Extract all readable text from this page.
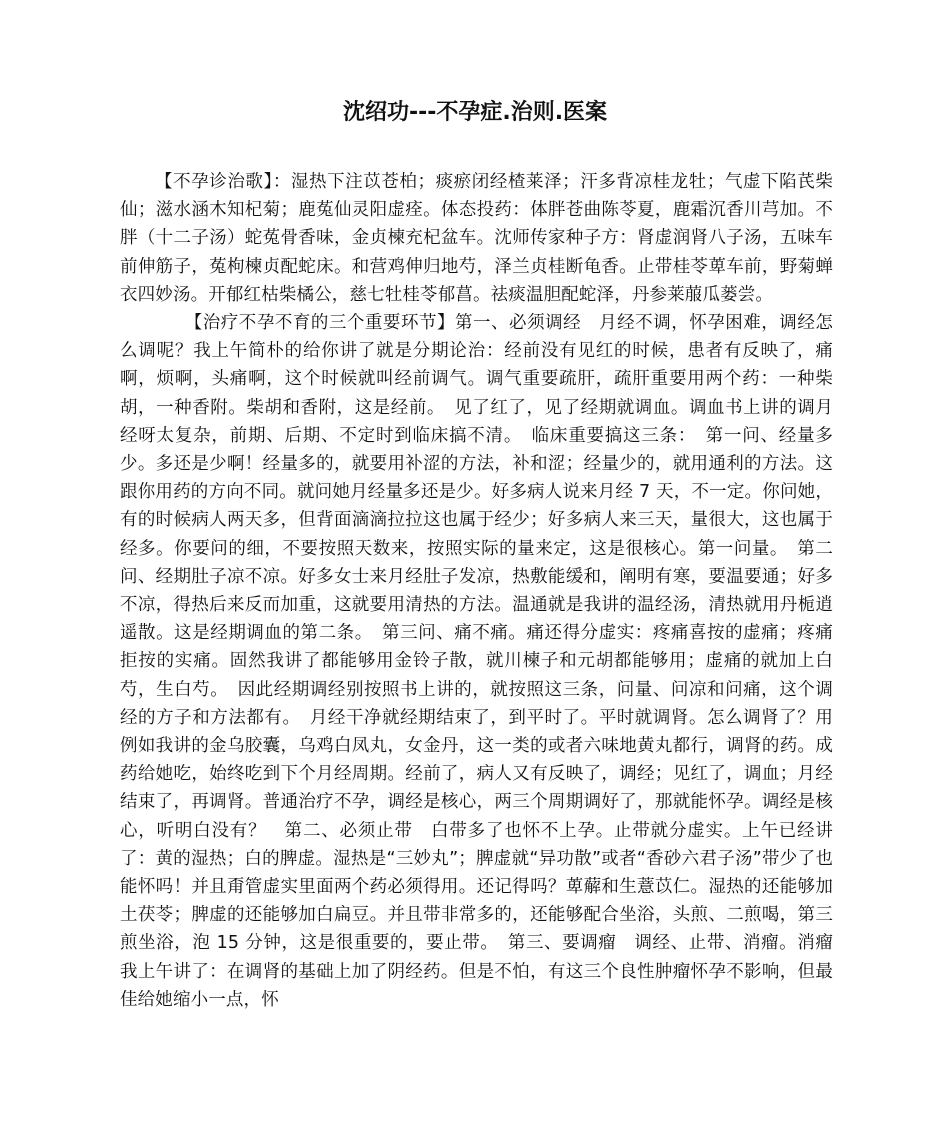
沈绍功---不孕症.治则.医案

【不孕诊治歌】：湿热下注苡苍柏；痰瘀闭经楂莱泽；汗多背凉桂龙牡；气虚下陷芪柴仙；滋水涵木知杞菊；鹿菟仙灵阳虚痊。体态投药：体胖苍曲陈苓夏，鹿霜沉香川芎加。不胖（十二子汤）蛇菟骨香味，金贞楝充杞盆车。沈师传家种子方：肾虚润肾八子汤，五味车前伸筋子，菟枸楝贞配蛇床。和营鸡伸归地芍，泽兰贞桂断龟香。止带桂苓萆车前，野菊蝉衣四妙汤。开郁红枯柴橘公，慈七牡桂苓郁菖。祛痰温胆配蛇泽，丹参莱菔瓜蒌尝。

【治疗不孕不育的三个重要环节】第一、必须调经　月经不调，怀孕困难，调经怎么调呢？我上午简朴的给你讲了就是分期论治：经前没有见红的时候，患者有反映了，痛啊，烦啊，头痛啊，这个时候就叫经前调气。调气重要疏肝，疏肝重要用两个药：一种柴胡，一种香附。柴胡和香附，这是经前。　见了红了，见了经期就调血。调血书上讲的调月经呀太复杂，前期、后期、不定时到临床搞不清。　临床重要搞这三条：　第一问、经量多少。多还是少啊！经量多的，就要用补涩的方法，补和涩；经量少的，就用通利的方法。这跟你用药的方向不同。就问她月经量多还是少。好多病人说来月经 7 天，不一定。你问她，有的时候病人两天多，但背面滴滴拉拉这也属于经少；好多病人来三天，量很大，这也属于经多。你要问的细，不要按照天数来，按照实际的量来定，这是很核心。第一问量。　第二问、经期肚子凉不凉。好多女士来月经肚子发凉，热敷能缓和，阐明有寒，要温要通；好多不凉，得热后来反而加重，这就要用清热的方法。温通就是我讲的温经汤，清热就用丹栀逍遥散。这是经期调血的第二条。　第三问、痛不痛。痛还得分虚实：疼痛喜按的虚痛；疼痛拒按的实痛。固然我讲了都能够用金铃子散，就川楝子和元胡都能够用；虚痛的就加上白芍，生白芍。　因此经期调经别按照书上讲的，就按照这三条，问量、问凉和问痛，这个调经的方子和方法都有。　月经干净就经期结束了，到平时了。平时就调肾。怎么调肾了？用例如我讲的金乌胶囊，乌鸡白凤丸，女金丹，这一类的或者六味地黄丸都行，调肾的药。成药给她吃，始终吃到下个月经周期。经前了，病人又有反映了，调经；见红了，调血；月经结束了，再调肾。普通治疗不孕，调经是核心，两三个周期调好了，那就能怀孕。调经是核心，听明白没有？　第二、必须止带　白带多了也怀不上孕。止带就分虚实。上午已经讲了：黄的湿热；白的脾虚。湿热是“三妙丸”；脾虚就“异功散”或者“香砂六君子汤”带少了也能怀吗！并且甭管虚实里面两个药必须得用。还记得吗？萆薢和生薏苡仁。湿热的还能够加土茯苓；脾虚的还能够加白扁豆。并且带非常多的，还能够配合坐浴，头煎、二煎喝，第三煎坐浴，泡 15 分钟，这是很重要的，要止带。　第三、要调瘤　调经、止带、消瘤。消瘤我上午讲了：在调肾的基础上加了阴经药。但是不怕，有这三个良性肿瘤怀孕不影响，但最佳给她缩小一点，怀
